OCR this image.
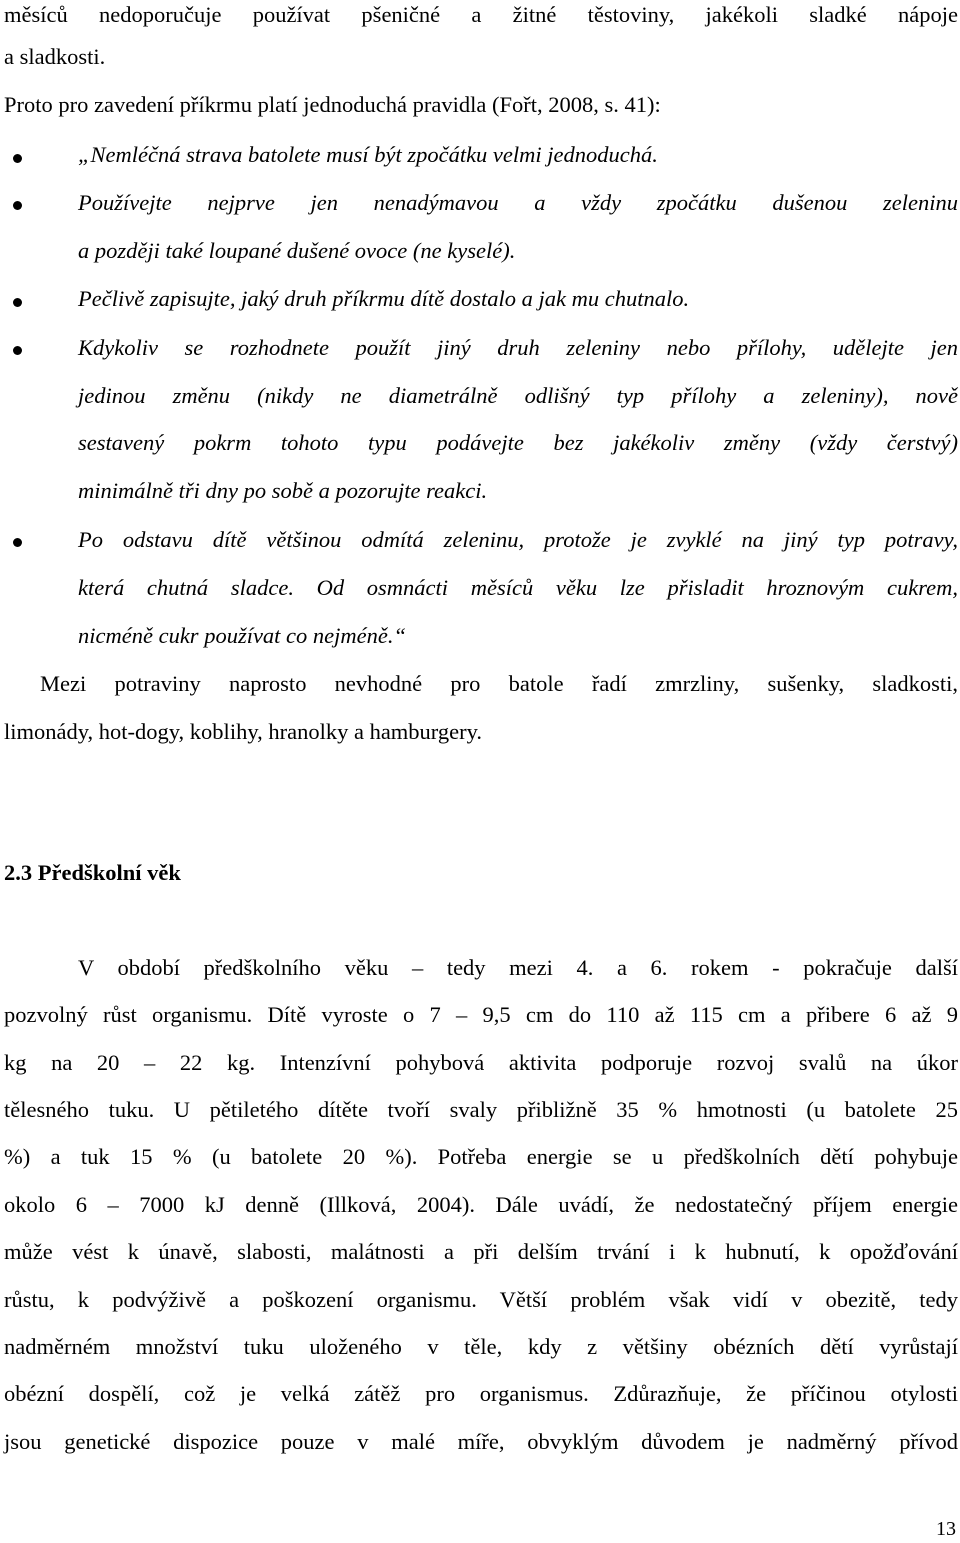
měsíců nedoporučuje používat pšeničné a žitné těstoviny, jakékoli sladké nápoje
a sladkosti.
Proto pro zavedení příkrmu platí jednoduchá pravidla (Fořt, 2008, s. 41):
„Nemléčná strava batolete musí být zpočátku velmi jednoduchá.
Používejte nejprve jen nenadýmavou a vždy zpočátku dušenou zeleninu
a později také loupané dušené ovoce (ne kyselé).
Pečlivě zapisujte, jaký druh příkrmu dítě dostalo a jak mu chutnalo.
Kdykoliv se rozhodnete použít jiný druh zeleniny nebo přílohy, udělejte jen
jedinou změnu (nikdy ne diametrálně odlišný typ přílohy a zeleniny), nově
sestavený pokrm tohoto typu podávejte bez jakékoliv změny (vždy čerstvý)
minimálně tři dny po sobě a pozorujte reakci.
Po odstavu dítě většinou odmítá zeleninu, protože je zvyklé na jiný typ potravy,
která chutná sladce. Od osmnácti měsíců věku lze přisladit hroznovým cukrem,
nicméně cukr používat co nejméně.“
Mezi potraviny naprosto nevhodné pro batole řadí zmrzliny, sušenky, sladkosti,
limonády, hot-dogy, koblihy, hranolky a hamburgery.
2.3 Předškolní věk
V období předškolního věku – tedy mezi 4. a 6. rokem - pokračuje další
pozvolný růst organismu. Dítě vyroste o 7 – 9,5 cm do 110 až 115 cm a přibere 6 až 9
kg na 20 – 22 kg. Intenzívní pohybová aktivita podporuje rozvoj svalů na úkor
tělesného tuku. U pětiletého dítěte tvoří svaly přibližně 35 % hmotnosti (u batolete 25
%) a tuk 15 % (u batolete 20 %). Potřeba energie se u předškolních dětí pohybuje
okolo 6 – 7000 kJ denně (Illková, 2004). Dále uvádí, že nedostatečný příjem energie
může vést k únavě, slabosti, malátnosti a při delším trvání i k hubnutí, k opožďování
růstu, k podvýživě a poškození organismu. Větší problém však vidí v obezitě, tedy
nadměrném množství tuku uloženého v těle, kdy z většiny obézních dětí vyrůstají
obézní dospělí, což je velká zátěž pro organismus. Zdůrazňuje, že příčinou otylosti
jsou genetické dispozice pouze v malé míře, obvyklým důvodem je nadměrný přívod
13
